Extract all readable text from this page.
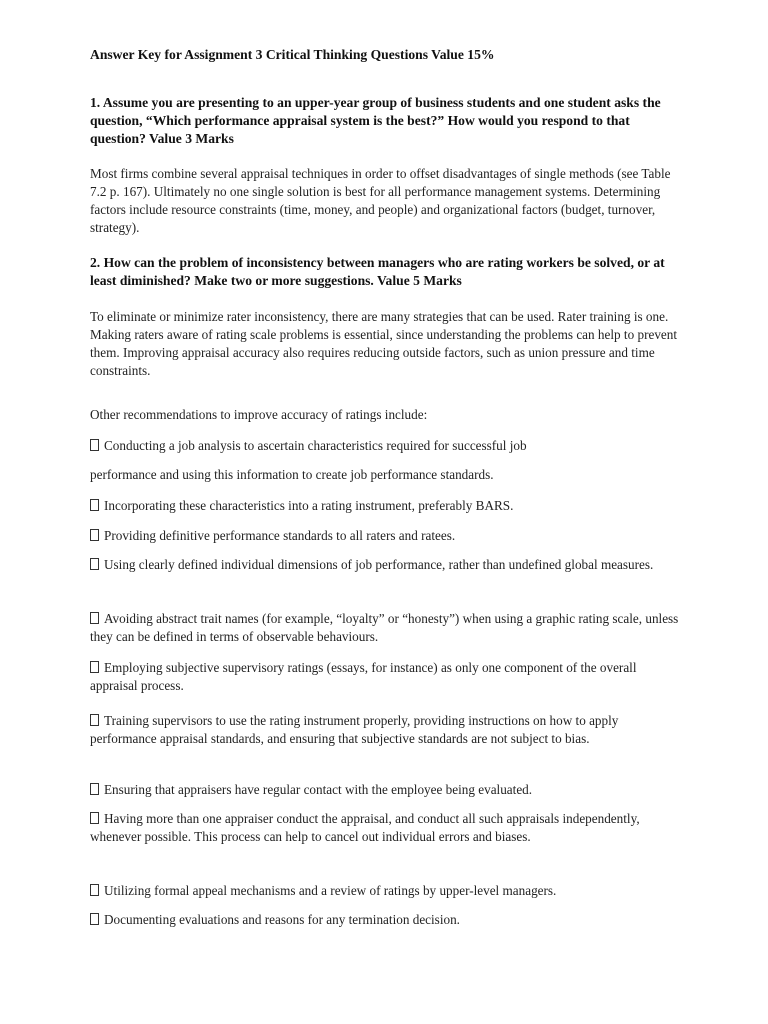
Answer Key for Assignment 3 Critical Thinking Questions Value 15%

1. Assume you are presenting to an upper-year group of business students and one student asks the question, “Which performance appraisal system is the best?” How would you respond to that question? Value 3 Marks

Most firms combine several appraisal techniques in order to offset disadvantages of single methods (see Table 7.2 p. 167). Ultimately no one single solution is best for all performance management systems. Determining factors include resource constraints (time, money, and people) and organizational factors (budget, turnover, strategy).

2. How can the problem of inconsistency between managers who are rating workers be solved, or at least diminished? Make two or more suggestions. Value 5 Marks

To eliminate or minimize rater inconsistency, there are many strategies that can be used. Rater training is one. Making raters aware of rating scale problems is essential, since understanding the problems can help to prevent them. Improving appraisal accuracy also requires reducing outside factors, such as union pressure and time constraints.

Other recommendations to improve accuracy of ratings include:

Conducting a job analysis to ascertain characteristics required for successful job

performance and using this information to create job performance standards.

Incorporating these characteristics into a rating instrument, preferably BARS.

Providing definitive performance standards to all raters and ratees.

Using clearly defined individual dimensions of job performance, rather than undefined global measures.

Avoiding abstract trait names (for example, “loyalty” or “honesty”) when using a graphic rating scale, unless they can be defined in terms of observable behaviours.

Employing subjective supervisory ratings (essays, for instance) as only one component of the overall appraisal process.

Training supervisors to use the rating instrument properly, providing instructions on how to apply performance appraisal standards, and ensuring that subjective standards are not subject to bias.

Ensuring that appraisers have regular contact with the employee being evaluated.

Having more than one appraiser conduct the appraisal, and conduct all such appraisals independently, whenever possible. This process can help to cancel out individual errors and biases.

Utilizing formal appeal mechanisms and a review of ratings by upper-level managers.

Documenting evaluations and reasons for any termination decision.
